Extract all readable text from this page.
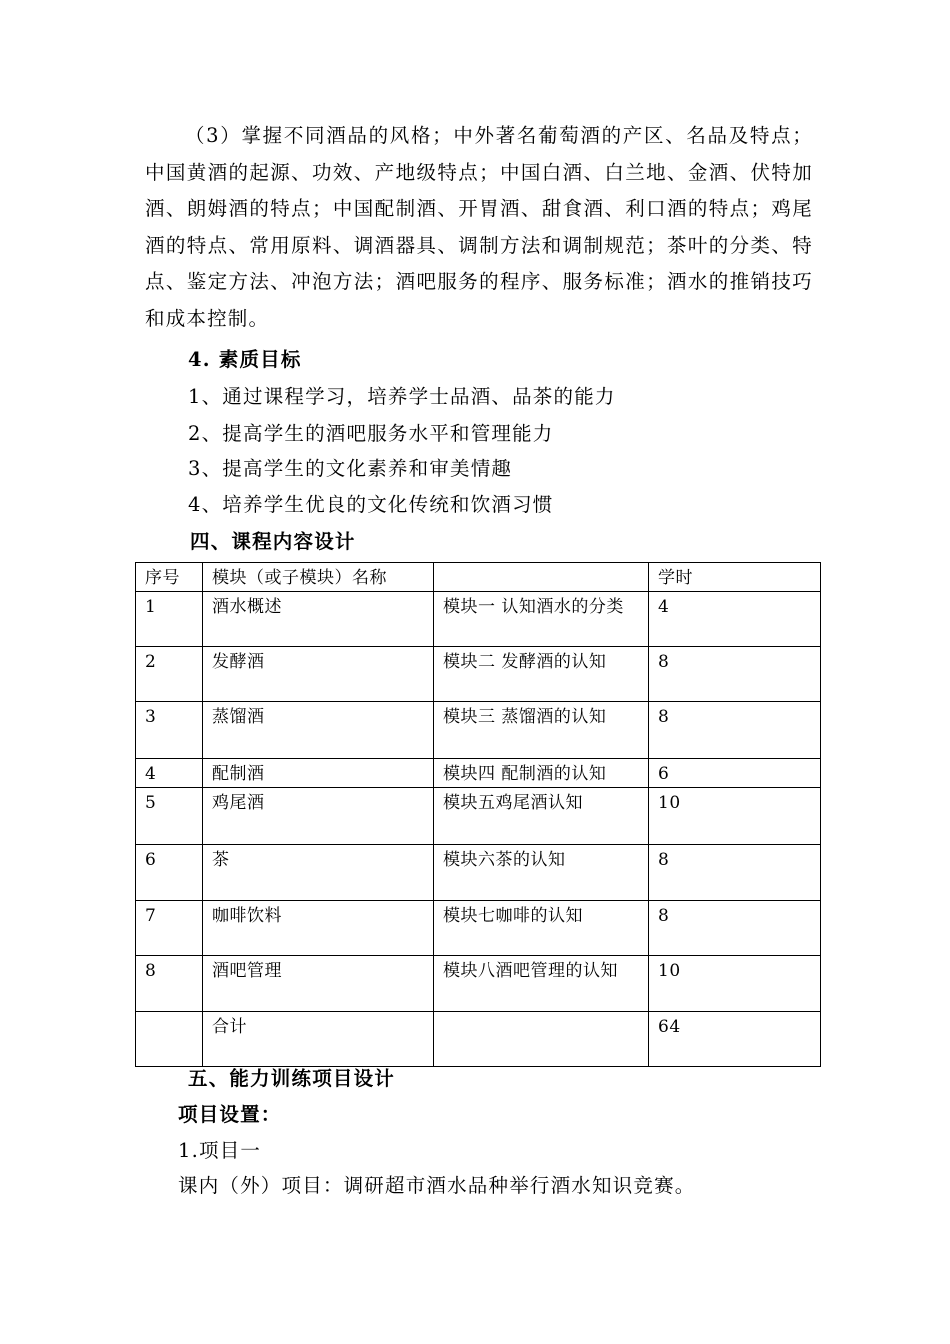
（3）掌握不同酒品的风格；中外著名葡萄酒的产区、名品及特点；中国黄酒的起源、功效、产地级特点；中国白酒、白兰地、金酒、伏特加酒、朗姆酒的特点；中国配制酒、开胃酒、甜食酒、利口酒的特点；鸡尾酒的特点、常用原料、调酒器具、调制方法和调制规范；茶叶的分类、特点、鉴定方法、冲泡方法；酒吧服务的程序、服务标准；酒水的推销技巧和成本控制。

4. 素质目标

1、通过课程学习，培养学士品酒、品茶的能力

2、提高学生的酒吧服务水平和管理能力

3、提高学生的文化素养和审美情趣

4、培养学生优良的文化传统和饮酒习惯

四、课程内容设计

序号	模块（或子模块）名称		学时
1	酒水概述	模块一 认知酒水的分类	4
2	发酵酒	模块二 发酵酒的认知	8
3	蒸馏酒	模块三 蒸馏酒的认知	8
4	配制酒	模块四 配制酒的认知	6
5	鸡尾酒	模块五鸡尾酒认知	10
6	茶	模块六茶的认知	8
7	咖啡饮料	模块七咖啡的认知	8
8	酒吧管理	模块八酒吧管理的认知	10
	合计		64

五、能力训练项目设计

项目设置：

1.项目一

课内（外）项目：调研超市酒水品种举行酒水知识竞赛。
